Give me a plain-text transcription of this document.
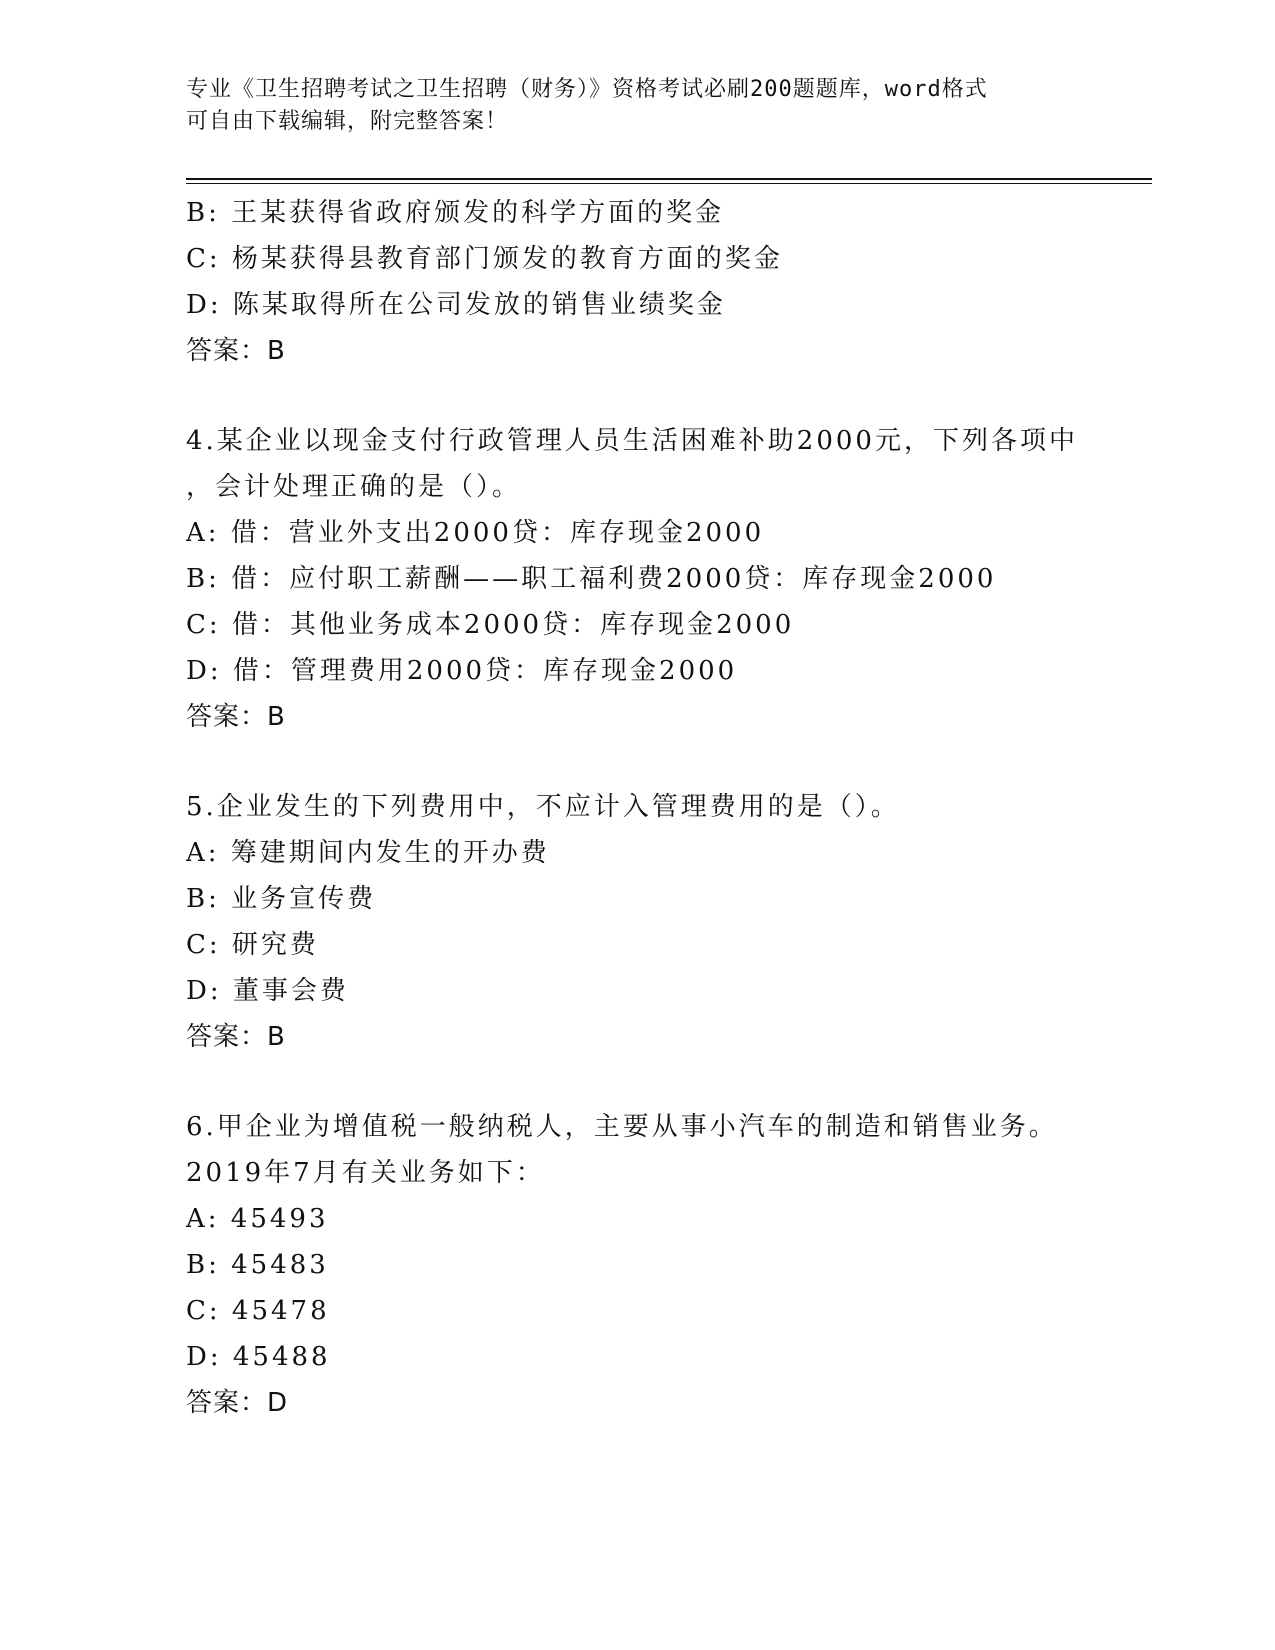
专业《卫生招聘考试之卫生招聘（财务）》资格考试必刷200题题库，word格式
可自由下载编辑，附完整答案！
B: 王某获得省政府颁发的科学方面的奖金
C: 杨某获得县教育部门颁发的教育方面的奖金
D: 陈某取得所在公司发放的销售业绩奖金
答案：B
4.某企业以现金支付行政管理人员生活困难补助2000元，下列各项中
，会计处理正确的是（）。
A: 借：营业外支出2000贷：库存现金2000
B: 借：应付职工薪酬——职工福利费2000贷：库存现金2000
C: 借：其他业务成本2000贷：库存现金2000
D: 借：管理费用2000贷：库存现金2000
答案：B
5.企业发生的下列费用中，不应计入管理费用的是（）。
A: 筹建期间内发生的开办费
B: 业务宣传费
C: 研究费
D: 董事会费
答案：B
6.甲企业为增值税一般纳税人，主要从事小汽车的制造和销售业务。
2019年7月有关业务如下：
A: 45493
B: 45483
C: 45478
D: 45488
答案：D
